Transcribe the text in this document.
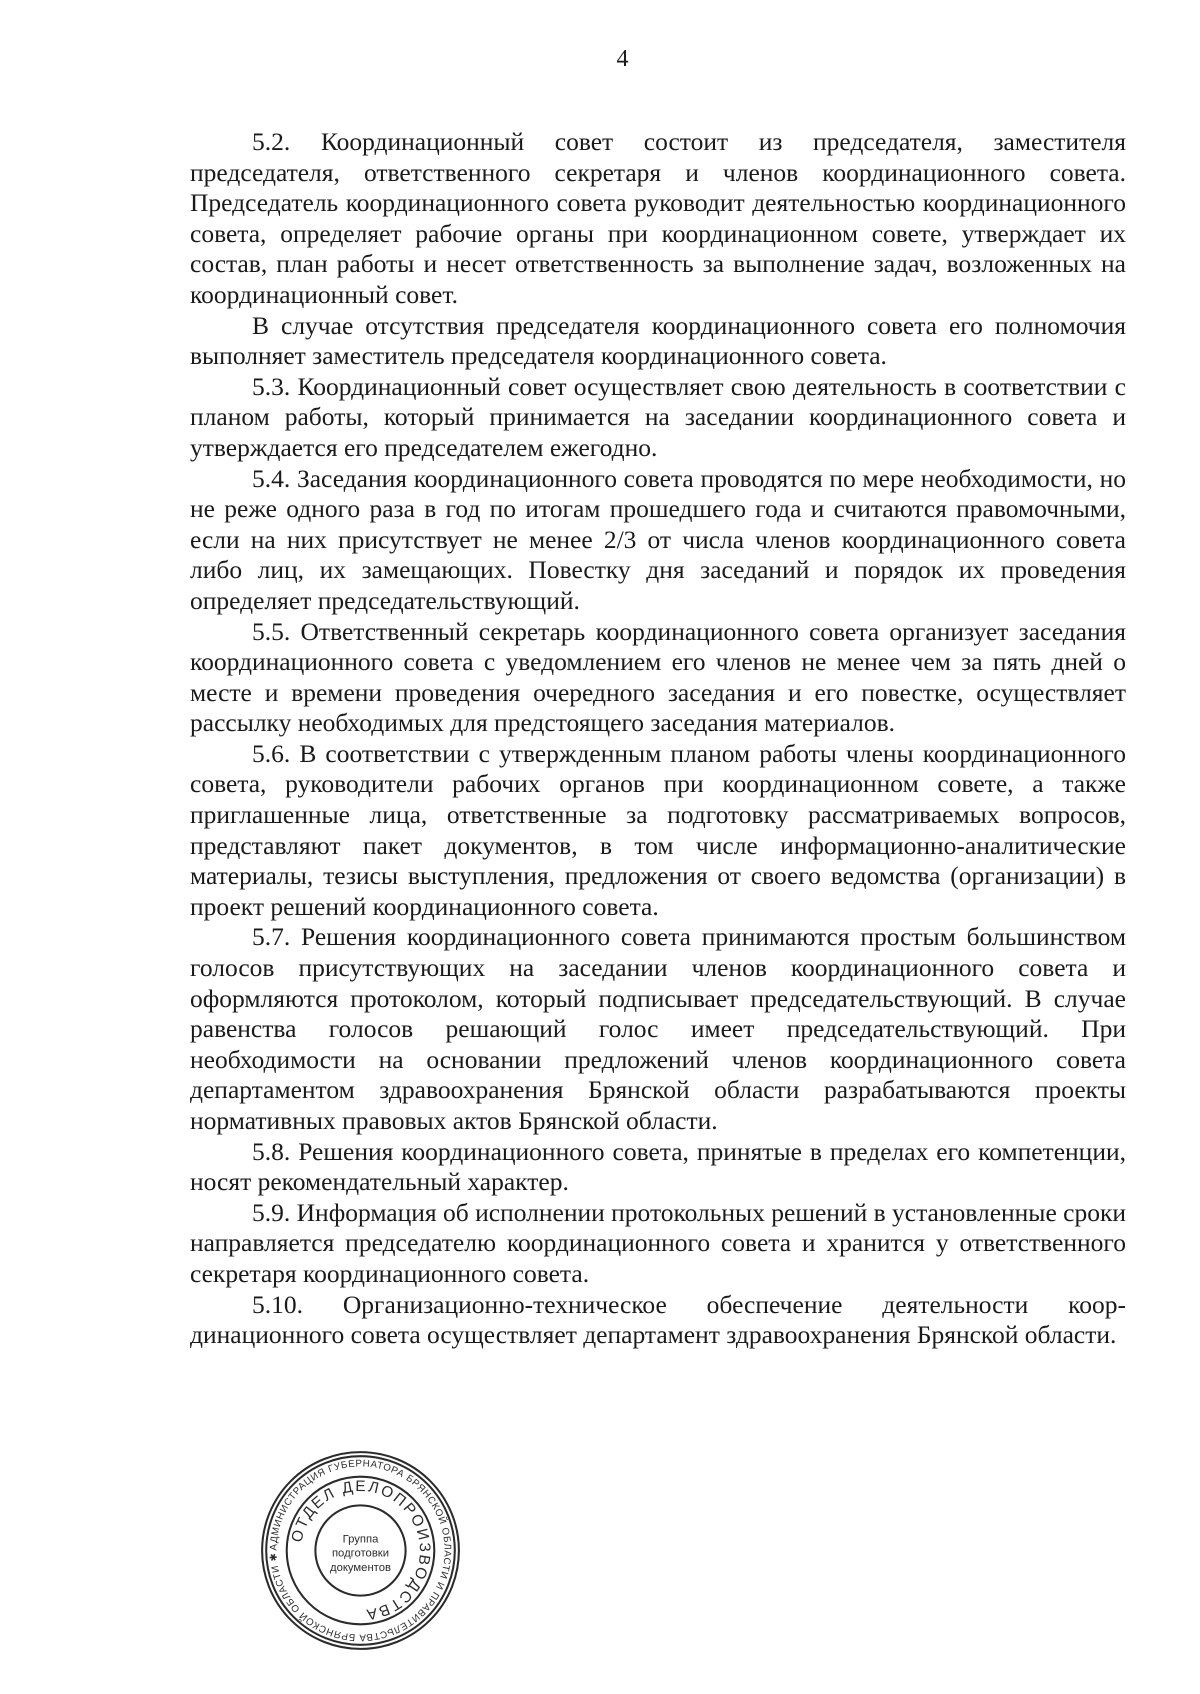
4

5.2. Координационный совет состоит из председателя, заместителя председателя, ответственного секретаря и членов координационного совета. Председатель координационного совета руководит деятельностью координационного совета, определяет рабочие органы при координационном совете, утверждает их состав, план работы и несет ответственность за выполнение задач, возложенных на координационный совет.

В случае отсутствия председателя координационного совета его полномочия выполняет заместитель председателя координационного совета.

5.3. Координационный совет осуществляет свою деятельность в соответствии с планом работы, который принимается на заседании координационного совета и утверждается его председателем ежегодно.

5.4. Заседания координационного совета проводятся по мере необходимости, но не реже одного раза в год по итогам прошедшего года и считаются правомочными, если на них присутствует не менее 2/3 от числа членов координационного совета либо лиц, их замещающих. Повестку дня заседаний и порядок их проведения определяет председательствующий.

5.5. Ответственный секретарь координационного совета организует заседания координационного совета с уведомлением его членов не менее чем за пять дней о месте и времени проведения очередного заседания и его повестке, осуществляет рассылку необходимых для предстоящего заседания материалов.

5.6. В соответствии с утвержденным планом работы члены координационного совета, руководители рабочих органов при координационном совете, а также приглашенные лица, ответственные за подготовку рассматриваемых вопросов, представляют пакет документов, в том числе информационно-аналитические материалы, тезисы выступления, предложения от своего ведомства (организации) в проект решений координационного совета.

5.7. Решения координационного совета принимаются простым большинством голосов присутствующих на заседании членов координационного совета и оформляются протоколом, который подписывает председательствующий. В случае равенства голосов решающий голос имеет председательствующий. При необходимости на основании предложений членов координационного совета департаментом здравоохранения Брянской области разрабатываются проекты нормативных правовых актов Брянской области.

5.8. Решения координационного совета, принятые в пределах его компетенции, носят рекомендательный характер.

5.9. Информация об исполнении протокольных решений в установленные сроки направляется председателю координационного совета и хранится у ответственного секретаря координационного совета.

5.10. Организационно-техническое обеспечение деятельности координационного совета осуществляет департамент здравоохранения Брянской области.

АДМИНИСТРАЦИЯ ГУБЕРНАТОРА БРЯНСКОЙ ОБЛАСТИ И ПРАВИТЕЛЬСТВА БРЯНСКОЙ ОБЛАСТИ ✱
ОТДЕЛ ДЕЛОПРОИЗВОДСТВА
Группа
подготовки
документов
